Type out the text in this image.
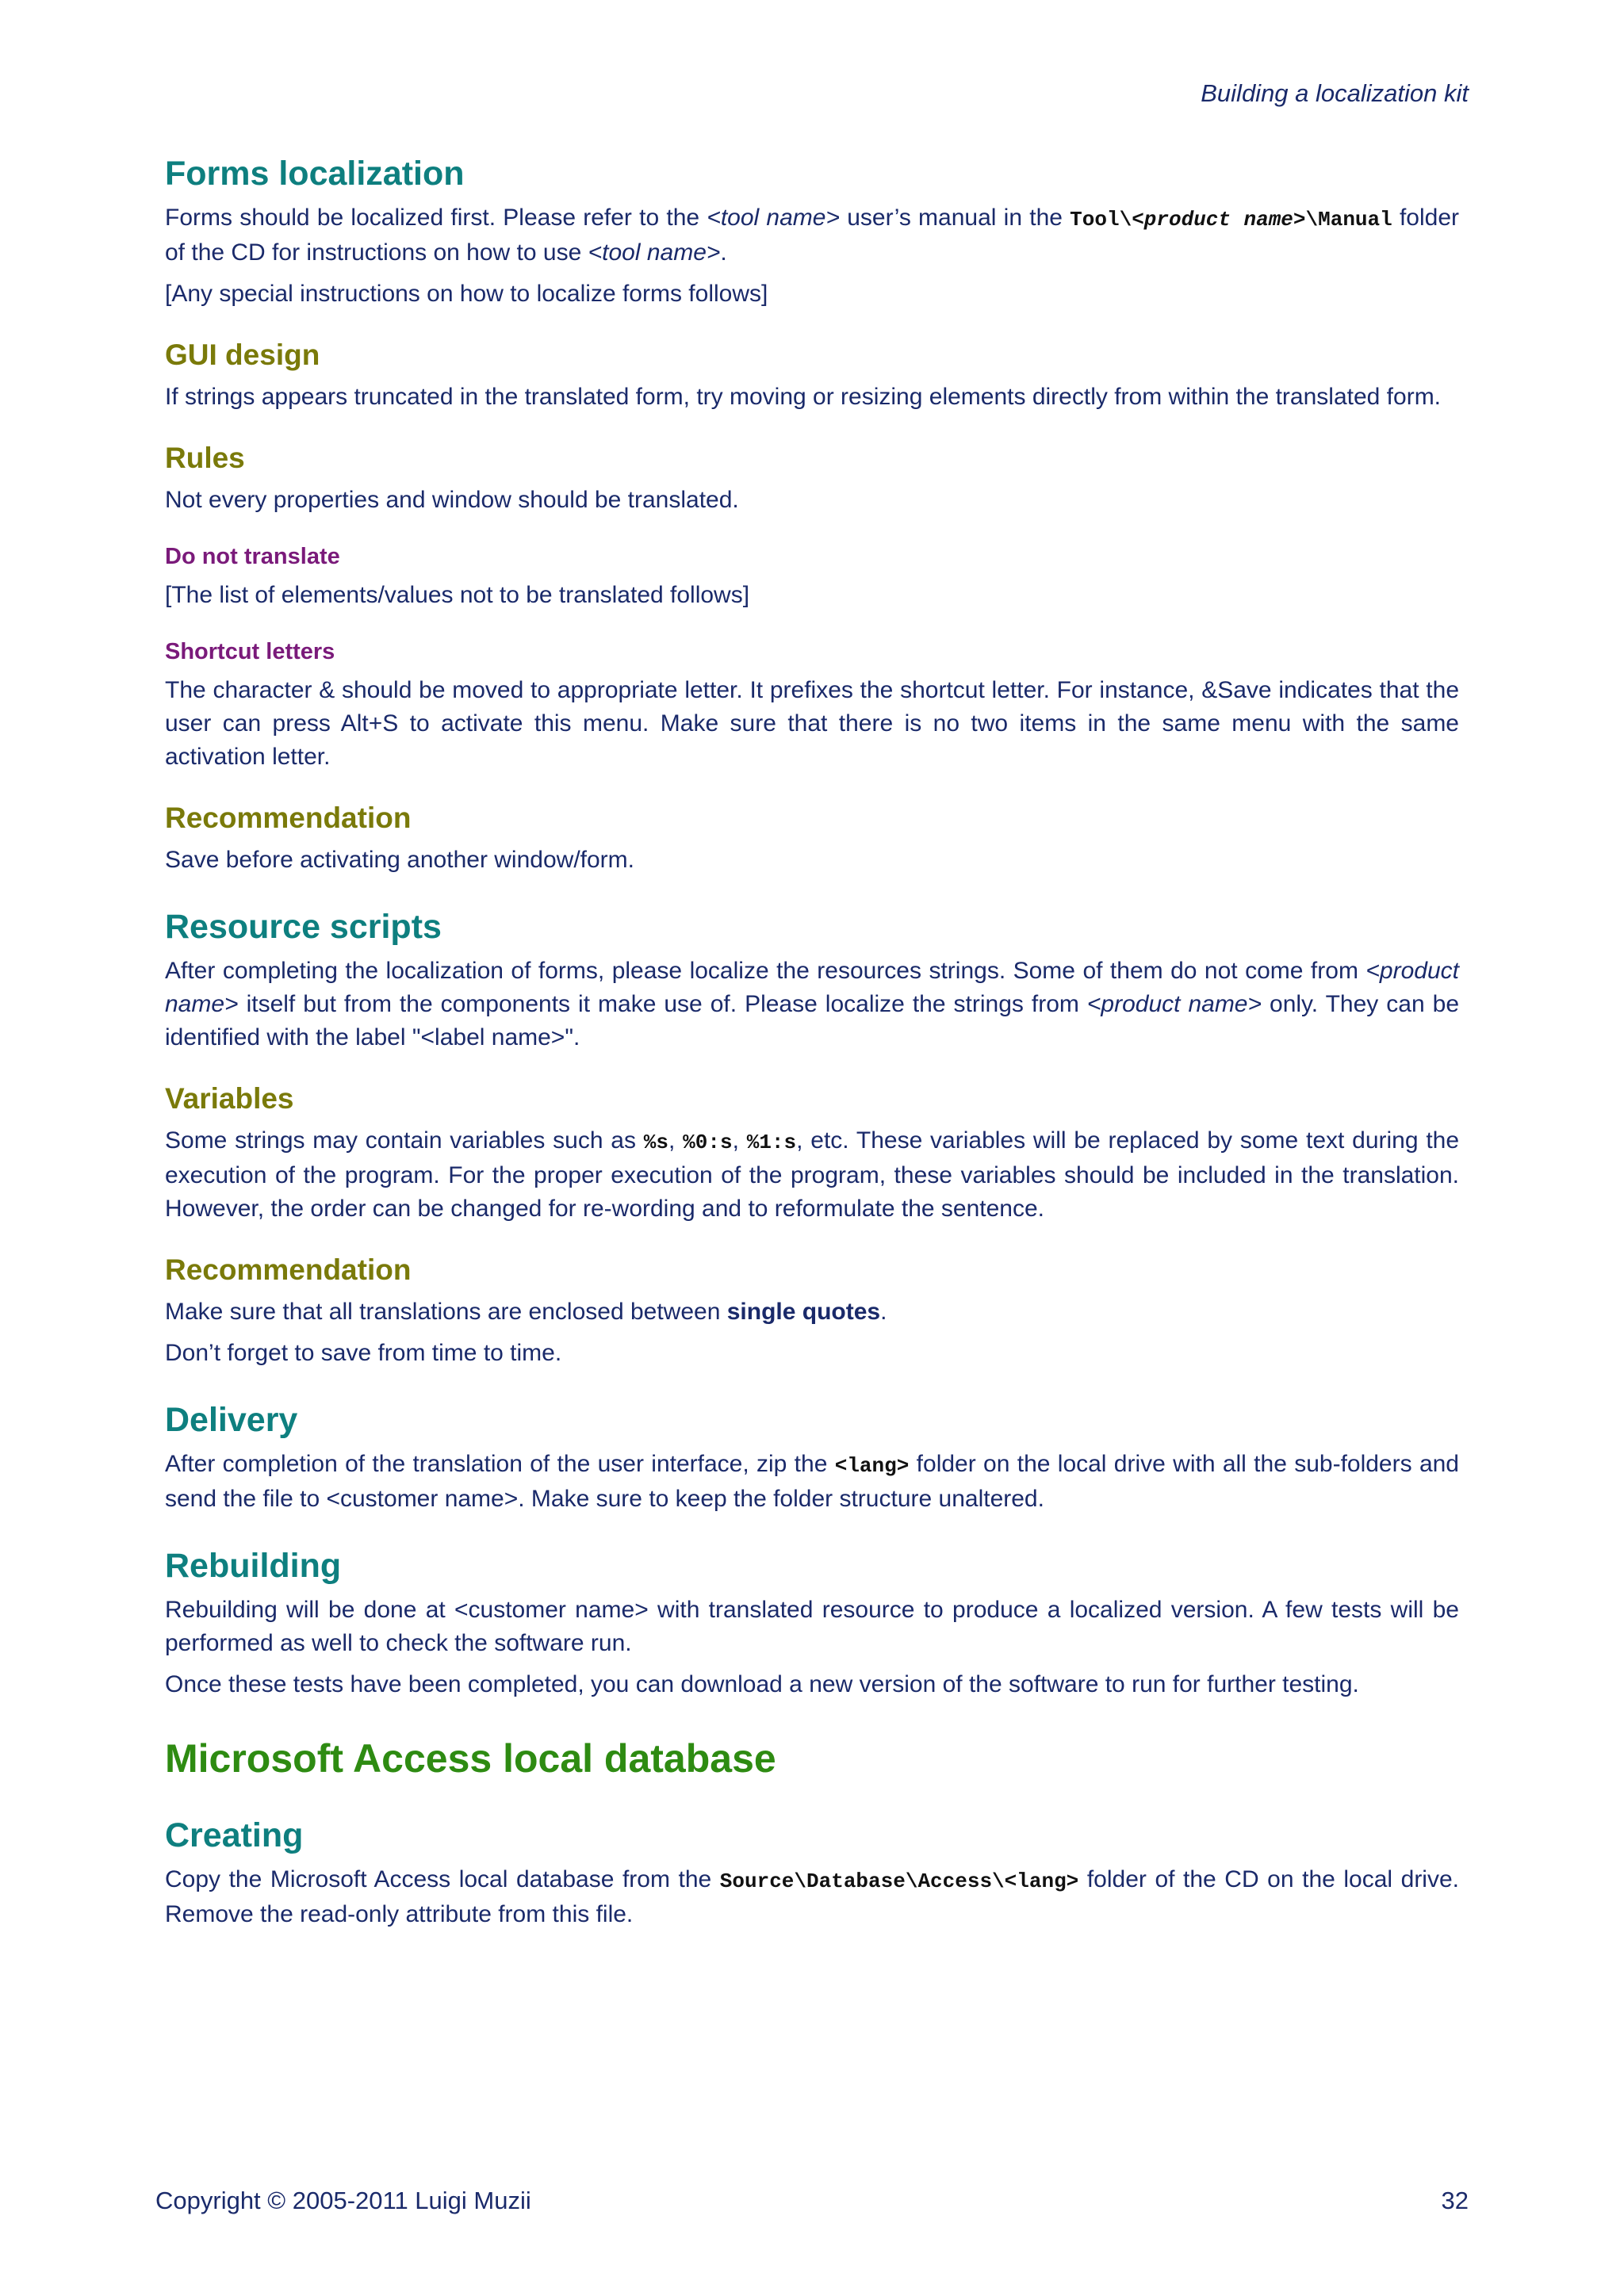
Building a localization kit
Forms localization

Forms should be localized first. Please refer to the <tool name> user’s manual in the Tool\<product name>\Manual folder of the CD for instructions on how to use <tool name>.

[Any special instructions on how to localize forms follows]

GUI design

If strings appears truncated in the translated form, try moving or resizing elements directly from within the translated form.

Rules

Not every properties and window should be translated.

Do not translate

[The list of elements/values not to be translated follows]

Shortcut letters

The character & should be moved to appropriate letter. It prefixes the shortcut letter. For instance, &Save indicates that the user can press Alt+S to activate this menu. Make sure that there is no two items in the same menu with the same activation letter.

Recommendation

Save before activating another window/form.

Resource scripts

After completing the localization of forms, please localize the resources strings. Some of them do not come from <product name> itself but from the components it make use of. Please localize the strings from <product name> only. They can be identified with the label "<label name>".

Variables

Some strings may contain variables such as %s, %0:s, %1:s, etc. These variables will be replaced by some text during the execution of the program. For the proper execution of the program, these variables should be included in the translation. However, the order can be changed for re-wording and to reformulate the sentence.

Recommendation

Make sure that all translations are enclosed between single quotes.

Don’t forget to save from time to time.

Delivery

After completion of the translation of the user interface, zip the <lang> folder on the local drive with all the sub-folders and send the file to <customer name>. Make sure to keep the folder structure unaltered.

Rebuilding

Rebuilding will be done at <customer name> with translated resource to produce a localized version. A few tests will be performed as well to check the software run.

Once these tests have been completed, you can download a new version of the software to run for further testing.

Microsoft Access local database
Creating

Copy the Microsoft Access local database from the Source\Database\Access\<lang> folder of the CD on the local drive. Remove the read-only attribute from this file.

Copyright © 2005-2011 Luigi Muzii	32
